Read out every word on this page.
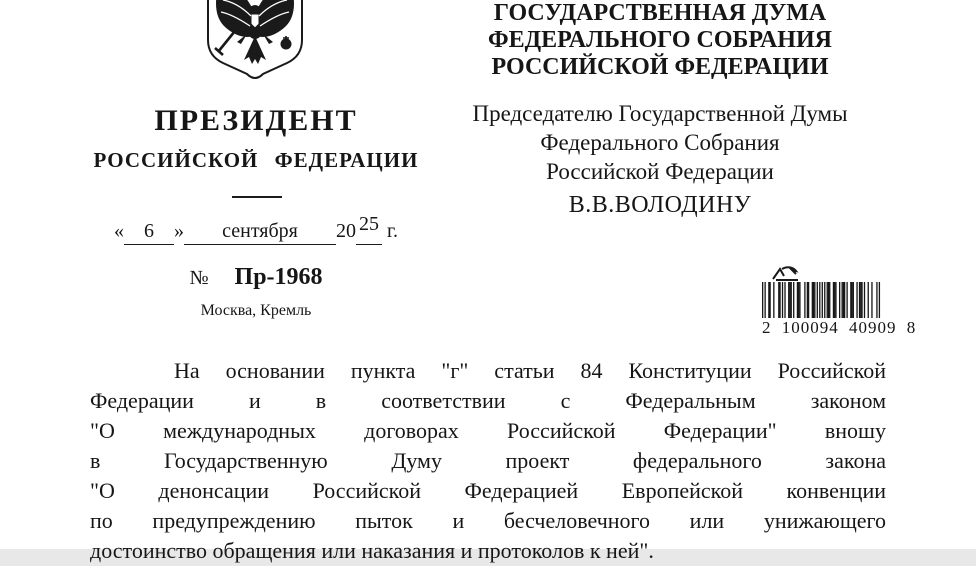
ПРЕЗИДЕНТ
РОССИЙСКОЙ ФЕДЕРАЦИИ
« 6 » сентября 20 25 г.
№ Пр-1968
Москва, Кремль
ГОСУДАРСТВЕННАЯ ДУМА
ФЕДЕРАЛЬНОГО СОБРАНИЯ
РОССИЙСКОЙ ФЕДЕРАЦИИ
Председателю Государственной Думы
Федерального Собрания
Российской Федерации
В.В.ВОЛОДИНУ
2 100094 40909 8
На основании пункта "г" статьи 84 Конституции Российской
Федерации и в соответствии с Федеральным законом
"О международных договорах Российской Федерации" вношу
в Государственную Думу проект федерального закона
"О денонсации Российской Федерацией Европейской конвенции
по предупреждению пыток и бесчеловечного или унижающего
достоинство обращения или наказания и протоколов к ней".
